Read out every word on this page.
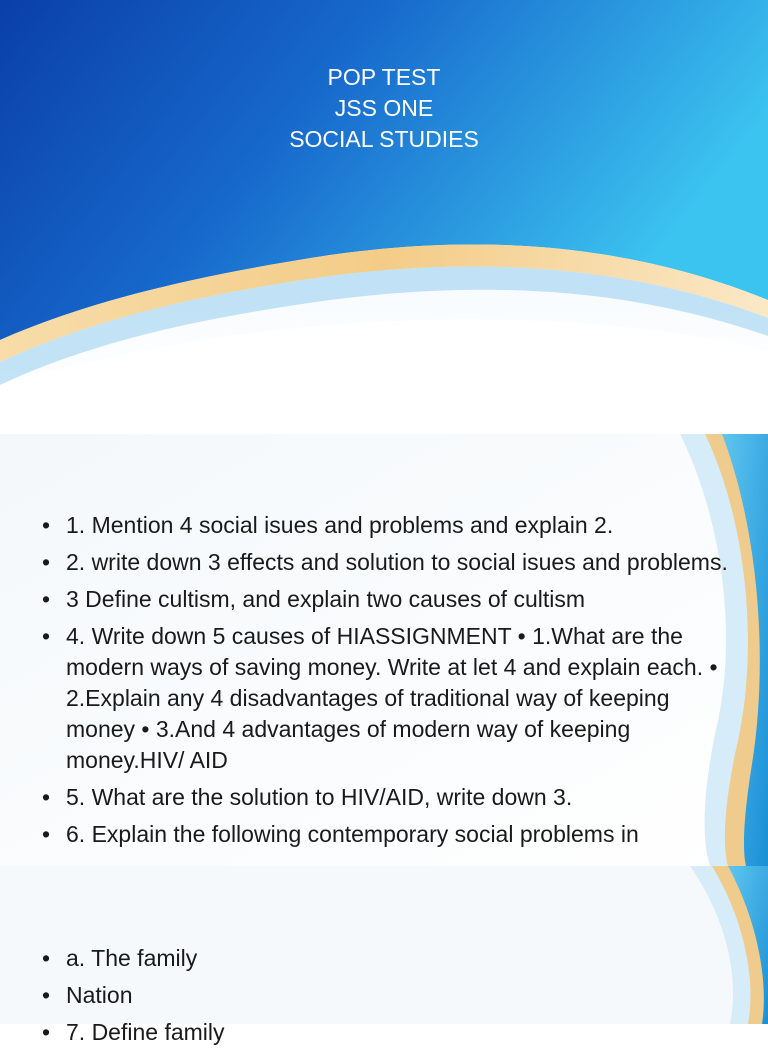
POP TEST
JSS ONE
SOCIAL STUDIES
• 1. Mention 4 social isues and problems and explain 2.
• 2. write down 3 effects and solution to social isues and problems.
• 3 Define cultism, and explain two causes of cultism
• 4. Write down 5 causes of HIASSIGNMENT • 1.What are the modern ways of saving money. Write at let 4 and explain each. • 2.Explain any 4 disadvantages of traditional way of keeping money • 3.And 4 advantages of modern way of keeping money.HIV/ AID
• 5. What are the solution to HIV/AID, write down 3.
• 6. Explain the following contemporary social problems in
• a. The family
• Nation
• 7. Define family
